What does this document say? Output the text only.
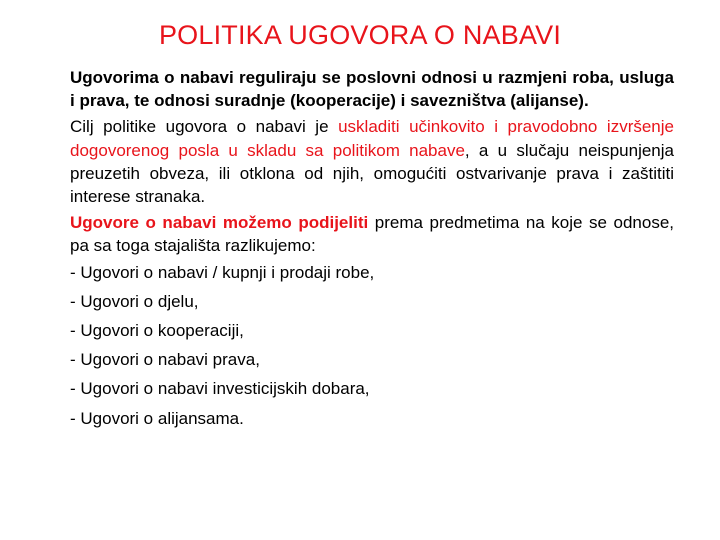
POLITIKA UGOVORA O NABAVI

Ugovorima o nabavi reguliraju se poslovni odnosi u razmjeni roba, usluga i prava, te odnosi suradnje (kooperacije) i savezništva (alijanse).

Cilj politike ugovora o nabavi je uskladiti učinkovito i pravodobno izvršenje dogovorenog posla u skladu sa politikom nabave, a u slučaju neispunjenja preuzetih obveza, ili otklona od njih, omogućiti ostvarivanje prava i zaštititi interese stranaka.

Ugovore o nabavi možemo podijeliti prema predmetima na koje se odnose, pa sa toga stajališta razlikujemo:

- Ugovori o nabavi / kupnji i prodaji robe,
- Ugovori o djelu,
- Ugovori o kooperaciji,
- Ugovori o nabavi prava,
- Ugovori o nabavi investicijskih dobara,
- Ugovori o alijansama.
